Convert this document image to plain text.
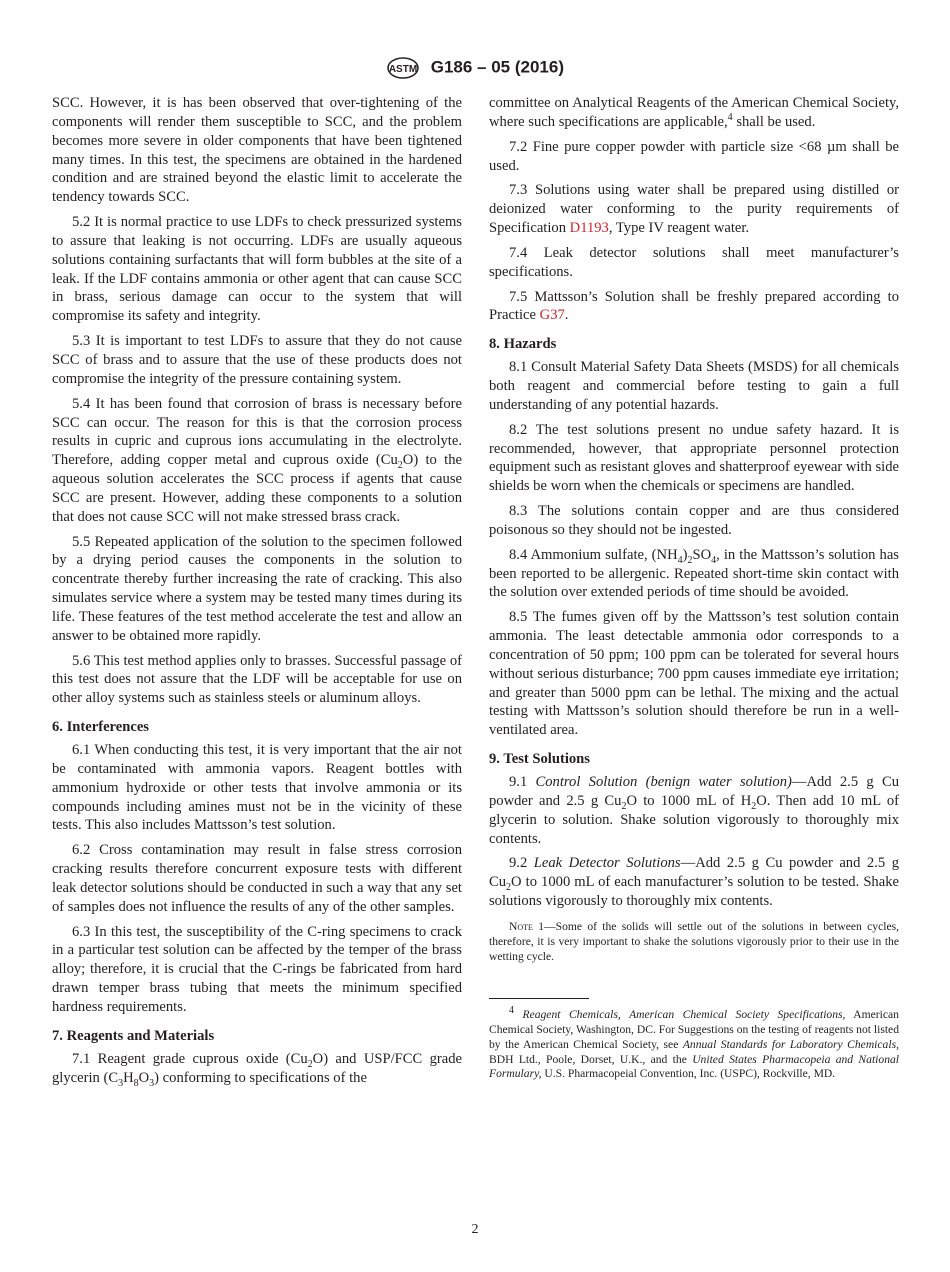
ASTM G186 – 05 (2016)

SCC. However, it is has been observed that over-tightening of the components will render them susceptible to SCC, and the problem becomes more severe in older components that have been tightened many times. In this test, the specimens are obtained in the hardened condition and are strained beyond the elastic limit to accelerate the tendency towards SCC.

5.2 It is normal practice to use LDFs to check pressurized systems to assure that leaking is not occurring. LDFs are usually aqueous solutions containing surfactants that will form bubbles at the site of a leak. If the LDF contains ammonia or other agent that can cause SCC in brass, serious damage can occur to the system that will compromise its safety and integrity.

5.3 It is important to test LDFs to assure that they do not cause SCC of brass and to assure that the use of these products does not compromise the integrity of the pressure containing system.

5.4 It has been found that corrosion of brass is necessary before SCC can occur. The reason for this is that the corrosion process results in cupric and cuprous ions accumulating in the electrolyte. Therefore, adding copper metal and cuprous oxide $(Cu_2O)$ to the aqueous solution accelerates the SCC process if agents that cause SCC are present. However, adding these components to a solution that does not cause SCC will not make stressed brass crack.

5.5 Repeated application of the solution to the specimen followed by a drying period causes the components in the solution to concentrate thereby further increasing the rate of cracking. This also simulates service where a system may be tested many times during its life. These features of the test method accelerate the test and allow an answer to be obtained more rapidly.

5.6 This test method applies only to brasses. Successful passage of this test does not assure that the LDF will be acceptable for use on other alloy systems such as stainless steels or aluminum alloys.

6. Interferences

6.1 When conducting this test, it is very important that the air not be contaminated with ammonia vapors. Reagent bottles with ammonium hydroxide or other tests that involve ammonia or its compounds including amines must not be in the vicinity of these tests. This also includes Mattsson’s test solution.

6.2 Cross contamination may result in false stress corrosion cracking results therefore concurrent exposure tests with different leak detector solutions should be conducted in such a way that any set of samples does not influence the results of any of the other samples.

6.3 In this test, the susceptibility of the C-ring specimens to crack in a particular test solution can be affected by the temper of the brass alloy; therefore, it is crucial that the C-rings be fabricated from hard drawn temper brass tubing that meets the minimum specified hardness requirements.

7. Reagents and Materials

7.1 Reagent grade cuprous oxide $(Cu_2O)$ and USP/FCC grade glycerin $(C_3H_8O_3)$ conforming to specifications of the

committee on Analytical Reagents of the American Chemical Society, where such specifications are applicable,$^4$ shall be used.

7.2 Fine pure copper powder with particle size <68 µm shall be used.

7.3 Solutions using water shall be prepared using distilled or deionized water conforming to the purity requirements of Specification D1193, Type IV reagent water.

7.4 Leak detector solutions shall meet manufacturer’s specifications.

7.5 Mattsson’s Solution shall be freshly prepared according to Practice G37.

8. Hazards

8.1 Consult Material Safety Data Sheets (MSDS) for all chemicals both reagent and commercial before testing to gain a full understanding of any potential hazards.

8.2 The test solutions present no undue safety hazard. It is recommended, however, that appropriate personnel protection equipment such as resistant gloves and shatterproof eyewear with side shields be worn when the chemicals or specimens are handled.

8.3 The solutions contain copper and are thus considered poisonous so they should not be ingested.

8.4 Ammonium sulfate, $(NH_4)_2SO_4$, in the Mattsson’s solution has been reported to be allergenic. Repeated short-time skin contact with the solution over extended periods of time should be avoided.

8.5 The fumes given off by the Mattsson’s test solution contain ammonia. The least detectable ammonia odor corresponds to a concentration of 50 ppm; 100 ppm can be tolerated for several hours without serious disturbance; 700 ppm causes immediate eye irritation; and greater than 5000 ppm can be lethal. The mixing and the actual testing with Mattsson’s solution should therefore be run in a well-ventilated area.

9. Test Solutions

9.1 Control Solution (benign water solution)—Add 2.5 g Cu powder and 2.5 g $Cu_2O$ to 1000 mL of $H_2O$. Then add 10 mL of glycerin to solution. Shake solution vigorously to thoroughly mix contents.

9.2 Leak Detector Solutions—Add 2.5 g Cu powder and 2.5 g $Cu_2O$ to 1000 mL of each manufacturer’s solution to be tested. Shake solutions vigorously to thoroughly mix contents.

Note 1—Some of the solids will settle out of the solutions in between cycles, therefore, it is very important to shake the solutions vigorously prior to their use in the wetting cycle.

$^4$ Reagent Chemicals, American Chemical Society Specifications, American Chemical Society, Washington, DC. For Suggestions on the testing of reagents not listed by the American Chemical Society, see Annual Standards for Laboratory Chemicals, BDH Ltd., Poole, Dorset, U.K., and the United States Pharmacopeia and National Formulary, U.S. Pharmacopeial Convention, Inc. (USPC), Rockville, MD.

2
